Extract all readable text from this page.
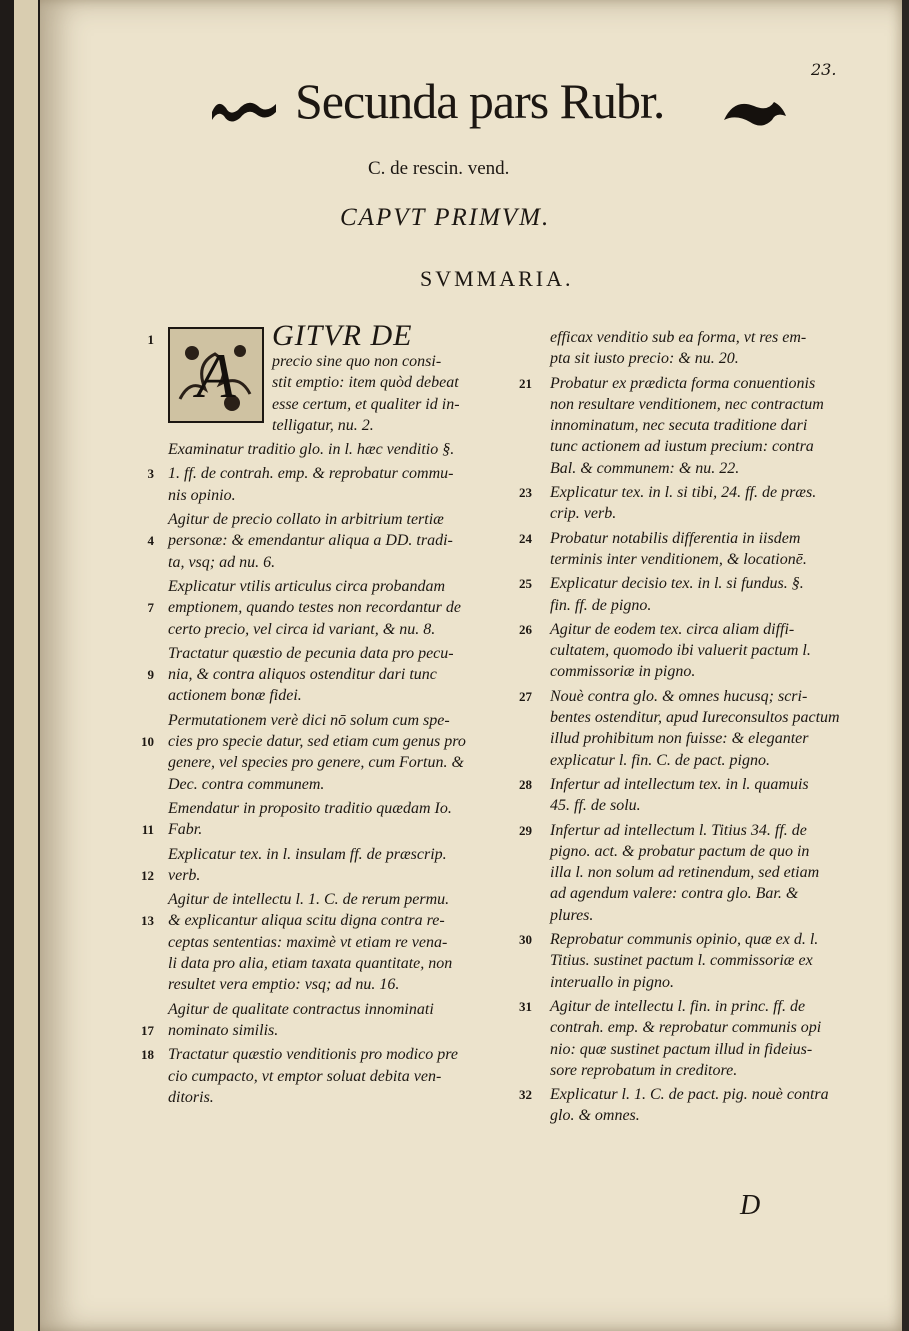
23.
Secunda pars Rubr.
C. de rescin. vend.
CAPVT PRIMVM.
SVMMARIA.
1
A
GITVR DE
precio sine quo non consi-
stit emptio: item quòd debeat
esse certum, et qualiter id in-
telligatur, nu. 2.
Examinatur traditio glo. in l. hæc venditio §.
3 1. ff. de contrah. emp. & reprobatur commu-
nis opinio.
4
Agitur de precio collato in arbitrium tertiæ
personæ: & emendantur aliqua a DD. tradi-
ta, vsq; ad nu. 6.
7
Explicatur vtilis articulus circa probandam
emptionem, quando testes non recordantur de
certo precio, vel circa id variant, & nu. 8.
9
Tractatur quæstio de pecunia data pro pecu-
nia, & contra aliquos ostenditur dari tunc
actionem bonæ fidei.
10
Permutationem verè dici nō solum cum spe-
cies pro specie datur, sed etiam cum genus pro
genere, vel species pro genere, cum Fortun. &
Dec. contra communem.
11
Emendatur in proposito traditio quædam Io.
Fabr.
12
Explicatur tex. in l. insulam ff. de præscrip.
verb.
13
Agitur de intellectu l. 1. C. de rerum permu.
& explicantur aliqua scitu digna contra re-
ceptas sententias: maximè vt etiam re vena-
li data pro alia, etiam taxata quantitate, non
resultet vera emptio: vsq; ad nu. 16.
17
Agitur de qualitate contractus innominati
nominato similis.
18 Tractatur quæstio venditionis pro modico pre
cio cumpacto, vt emptor soluat debita ven-
ditoris.
efficax venditio sub ea forma, vt res em-
pta sit iusto precio: & nu. 20.
21 Probatur ex prædicta forma conuentionis
non resultare venditionem, nec contractum
innominatum, nec secuta traditione dari
tunc actionem ad iustum precium: contra
Bal. & communem: & nu. 22.
23 Explicatur tex. in l. si tibi, 24. ff. de præs.
crip. verb.
24 Probatur notabilis differentia in iisdem
terminis inter venditionem, & locationē.
25 Explicatur decisio tex. in l. si fundus. §.
fin. ff. de pigno.
26 Agitur de eodem tex. circa aliam diffi-
cultatem, quomodo ibi valuerit pactum l.
commissoriæ in pigno.
27 Nouè contra glo. & omnes hucusq; scri-
bentes ostenditur, apud Iureconsultos pactum
illud prohibitum non fuisse: & eleganter
explicatur l. fin. C. de pact. pigno.
28 Infertur ad intellectum tex. in l. quamuis
45. ff. de solu.
29 Infertur ad intellectum l. Titius 34. ff. de
pigno. act. & probatur pactum de quo in
illa l. non solum ad retinendum, sed etiam
ad agendum valere: contra glo. Bar. &
plures.
30 Reprobatur communis opinio, quæ ex d. l.
Titius. sustinet pactum l. commissoriæ ex
interuallo in pigno.
31 Agitur de intellectu l. fin. in princ. ff. de
contrah. emp. & reprobatur communis opi
nio: quæ sustinet pactum illud in fideius-
sore reprobatum in creditore.
32 Explicatur l. 1. C. de pact. pig. nouè contra
glo. & omnes.
D
